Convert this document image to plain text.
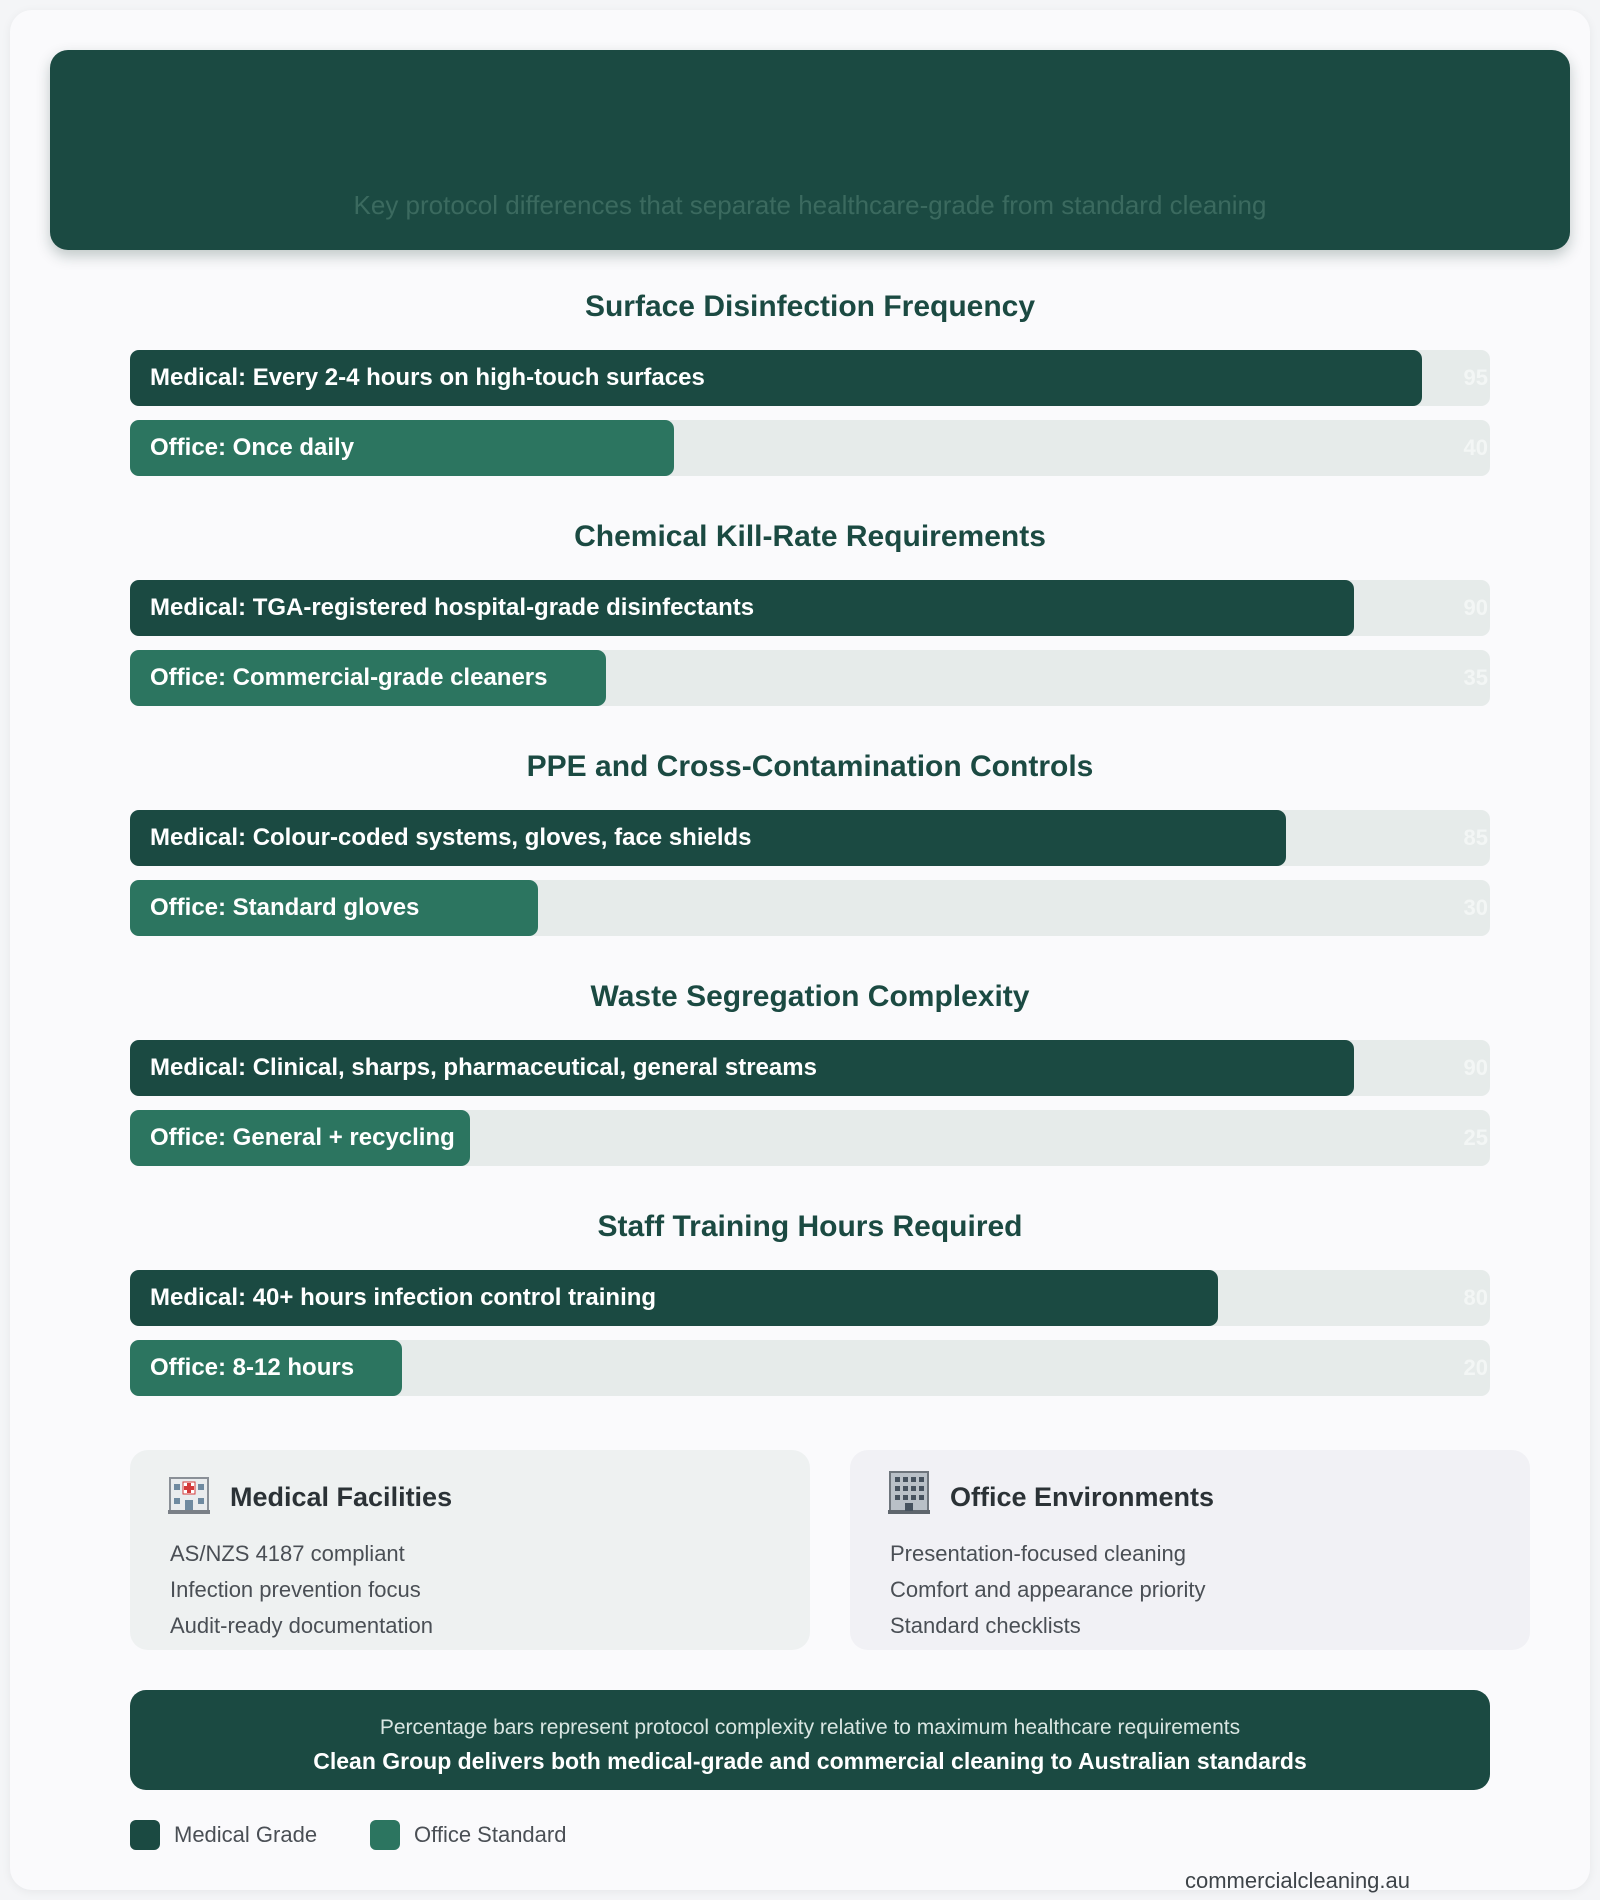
Key protocol differences that separate healthcare-grade from standard cleaning
Surface Disinfection Frequency
Medical: Every 2-4 hours on high-touch surfaces	95
Office: Once daily	40
Chemical Kill-Rate Requirements
Medical: TGA-registered hospital-grade disinfectants	90
Office: Commercial-grade cleaners	35
PPE and Cross-Contamination Controls
Medical: Colour-coded systems, gloves, face shields	85
Office: Standard gloves	30
Waste Segregation Complexity
Medical: Clinical, sharps, pharmaceutical, general streams	90
Office: General + recycling	25
Staff Training Hours Required
Medical: 40+ hours infection control training	80
Office: 8-12 hours	20
Medical Facilities
AS/NZS 4187 compliant
Infection prevention focus
Audit-ready documentation
Office Environments
Presentation-focused cleaning
Comfort and appearance priority
Standard checklists
Percentage bars represent protocol complexity relative to maximum healthcare requirements
Clean Group delivers both medical-grade and commercial cleaning to Australian standards
Medical Grade	Office Standard
commercialcleaning.au
